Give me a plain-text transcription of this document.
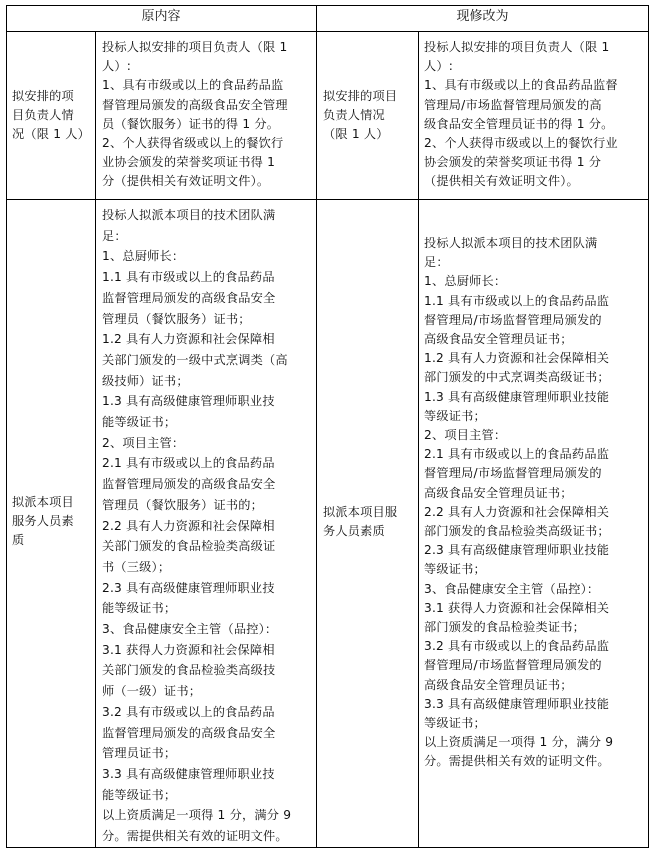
原内容	现修改为
拟安排的项
目负责人情
况（限 1 人）
投标人拟安排的项目负责人（限 1
人）:
1、具有市级或以上的食品药品监
督管理局颁发的高级食品安全管理
员（餐饮服务）证书的得 1 分。
2、个人获得省级或以上的餐饮行
业协会颁发的荣誉奖项证书得 1
分（提供相关有效证明文件）。
拟安排的项目
负责人情况
（限 1 人）
投标人拟安排的项目负责人（限 1
人）:
1、具有市级或以上的食品药品监督
管理局/市场监督管理局颁发的高
级食品安全管理员证书的得 1 分。
2、个人获得市级或以上的餐饮行业
协会颁发的荣誉奖项证书得 1 分
（提供相关有效证明文件）。
拟派本项目
服务人员素
质
投标人拟派本项目的技术团队满
足：
1、总厨师长：
1.1 具有市级或以上的食品药品
监督管理局颁发的高级食品安全
管理员（餐饮服务）证书；
1.2 具有人力资源和社会保障相
关部门颁发的一级中式烹调类（高
级技师）证书；
1.3 具有高级健康管理师职业技
能等级证书；
2、项目主管：
2.1 具有市级或以上的食品药品
监督管理局颁发的高级食品安全
管理员（餐饮服务）证书的；
2.2 具有人力资源和社会保障相
关部门颁发的食品检验类高级证
书（三级）；
2.3 具有高级健康管理师职业技
能等级证书；
3、食品健康安全主管（品控）：
3.1 获得人力资源和社会保障相
关部门颁发的食品检验类高级技
师（一级）证书；
3.2 具有市级或以上的食品药品
监督管理局颁发的高级食品安全
管理员证书；
3.3 具有高级健康管理师职业技
能等级证书；
以上资质满足一项得 1 分，满分 9
分。需提供相关有效的证明文件。
拟派本项目服
务人员素质
投标人拟派本项目的技术团队满
足：
1、总厨师长：
1.1 具有市级或以上的食品药品监
督管理局/市场监督管理局颁发的
高级食品安全管理员证书；
1.2 具有人力资源和社会保障相关
部门颁发的中式烹调类高级证书；
1.3 具有高级健康管理师职业技能
等级证书；
2、项目主管：
2.1 具有市级或以上的食品药品监
督管理局/市场监督管理局颁发的
高级食品安全管理员证书；
2.2 具有人力资源和社会保障相关
部门颁发的食品检验类高级证书；
2.3 具有高级健康管理师职业技能
等级证书；
3、食品健康安全主管（品控）：
3.1 获得人力资源和社会保障相关
部门颁发的食品检验类证书；
3.2 具有市级或以上的食品药品监
督管理局/市场监督管理局颁发的
高级食品安全管理员证书；
3.3 具有高级健康管理师职业技能
等级证书；
以上资质满足一项得 1 分，满分 9
分。需提供相关有效的证明文件。
